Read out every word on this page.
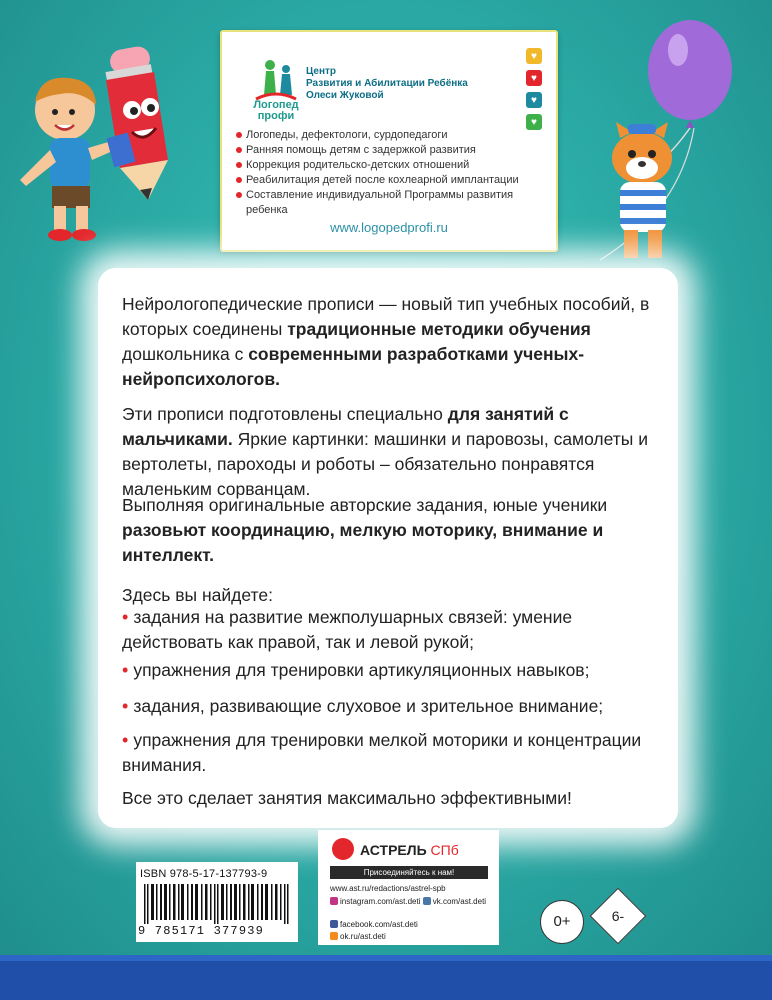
Логопед
профи
Центр
Развития и Абилитации Ребёнка
Олеси Жуковой
♥
♥
♥
♥
Логопеды, дефектологи, сурдопедагоги
Ранняя помощь детям с задержкой развития
Коррекция родительско-детских отношений
Реабилитация детей после кохлеарной имплантации
Составление индивидуальной Программы развития ребенка
www.logopedprofi.ru
Нейрологопедические прописи — новый тип учебных пособий, в которых соединены традиционные методики обучения дошкольника с современными разработками ученых-нейропсихологов.
Эти прописи подготовлены специально для занятий с мальчиками. Яркие картинки: машинки и паровозы, самолеты и вертолеты, пароходы и роботы – обязательно понравятся маленьким сорванцам.
Выполняя оригинальные авторские задания, юные ученики разовьют координацию, мелкую моторику, внимание и интеллект.
Здесь вы найдете:
• задания на развитие межполушарных связей: умение действовать как правой, так и левой рукой;
• упражнения для тренировки артикуляционных навыков;
• задания, развивающие слуховое и зрительное внимание;
• упражнения для тренировки мелкой моторики и концентрации внимания.
Все это сделает занятия максимально эффективными!
ISBN 978-5-17-137793-9
9 785171 377939
АСТРЕЛЬ СПб
Присоединяйтесь к нам!
www.ast.ru/redactions/astrel-spb
instagram.com/ast.deti vk.com/ast.deti
facebook.com/ast.deti
ok.ru/ast.deti
0+	6-
